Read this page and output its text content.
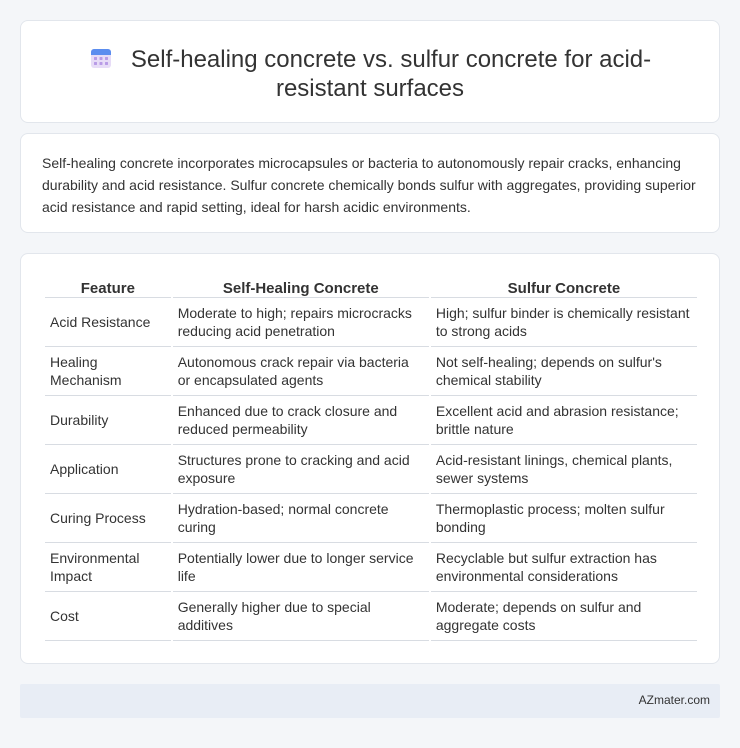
Self-healing concrete vs. sulfur concrete for acid-resistant surfaces

Self-healing concrete incorporates microcapsules or bacteria to autonomously repair cracks, enhancing durability and acid resistance. Sulfur concrete chemically bonds sulfur with aggregates, providing superior acid resistance and rapid setting, ideal for harsh acidic environments.

Feature	Self-Healing Concrete	Sulfur Concrete
Acid Resistance	Moderate to high; repairs microcracks reducing acid penetration	High; sulfur binder is chemically resistant to strong acids
Healing Mechanism	Autonomous crack repair via bacteria or encapsulated agents	Not self-healing; depends on sulfur's chemical stability
Durability	Enhanced due to crack closure and reduced permeability	Excellent acid and abrasion resistance; brittle nature
Application	Structures prone to cracking and acid exposure	Acid-resistant linings, chemical plants, sewer systems
Curing Process	Hydration-based; normal concrete curing	Thermoplastic process; molten sulfur bonding
Environmental Impact	Potentially lower due to longer service life	Recyclable but sulfur extraction has environmental considerations
Cost	Generally higher due to special additives	Moderate; depends on sulfur and aggregate costs
AZmater.com
